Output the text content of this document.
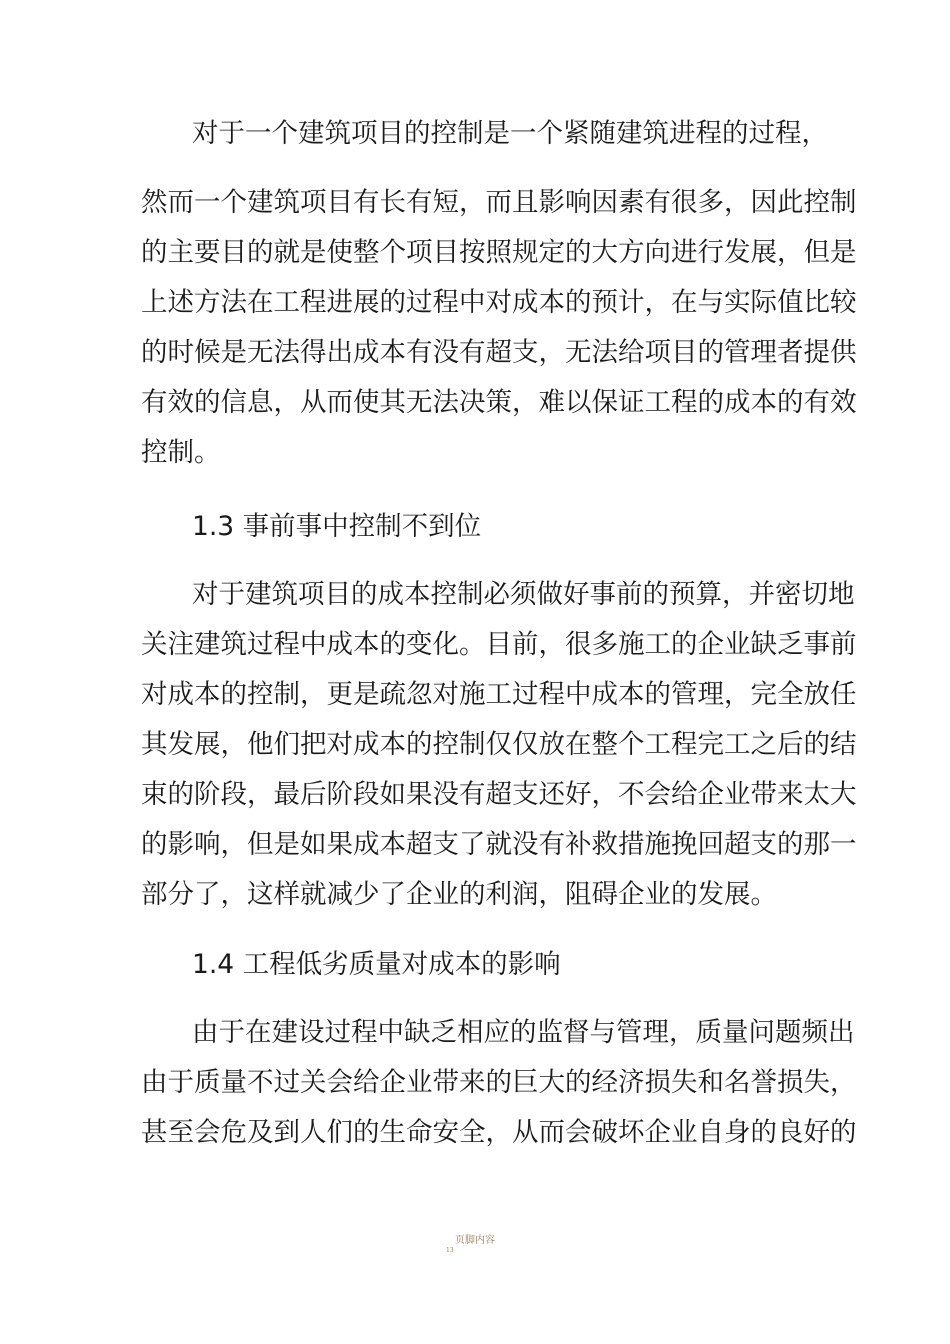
对于一个建筑项目的控制是一个紧随建筑进程的过程，
然而一个建筑项目有长有短，而且影响因素有很多，因此控制
的主要目的就是使整个项目按照规定的大方向进行发展，但是
上述方法在工程进展的过程中对成本的预计，在与实际值比较
的时候是无法得出成本有没有超支，无法给项目的管理者提供
有效的信息，从而使其无法决策，难以保证工程的成本的有效
控制。
1.3 事前事中控制不到位
对于建筑项目的成本控制必须做好事前的预算，并密切地
关注建筑过程中成本的变化。目前，很多施工的企业缺乏事前
对成本的控制，更是疏忽对施工过程中成本的管理，完全放任
其发展，他们把对成本的控制仅仅放在整个工程完工之后的结
束的阶段，最后阶段如果没有超支还好，不会给企业带来太大
的影响，但是如果成本超支了就没有补救措施挽回超支的那一
部分了，这样就减少了企业的利润，阻碍企业的发展。
1.4 工程低劣质量对成本的影响
由于在建设过程中缺乏相应的监督与管理，质量问题频出
由于质量不过关会给企业带来的巨大的经济损失和名誉损失，
甚至会危及到人们的生命安全，从而会破坏企业自身的良好的
页脚内容
13
